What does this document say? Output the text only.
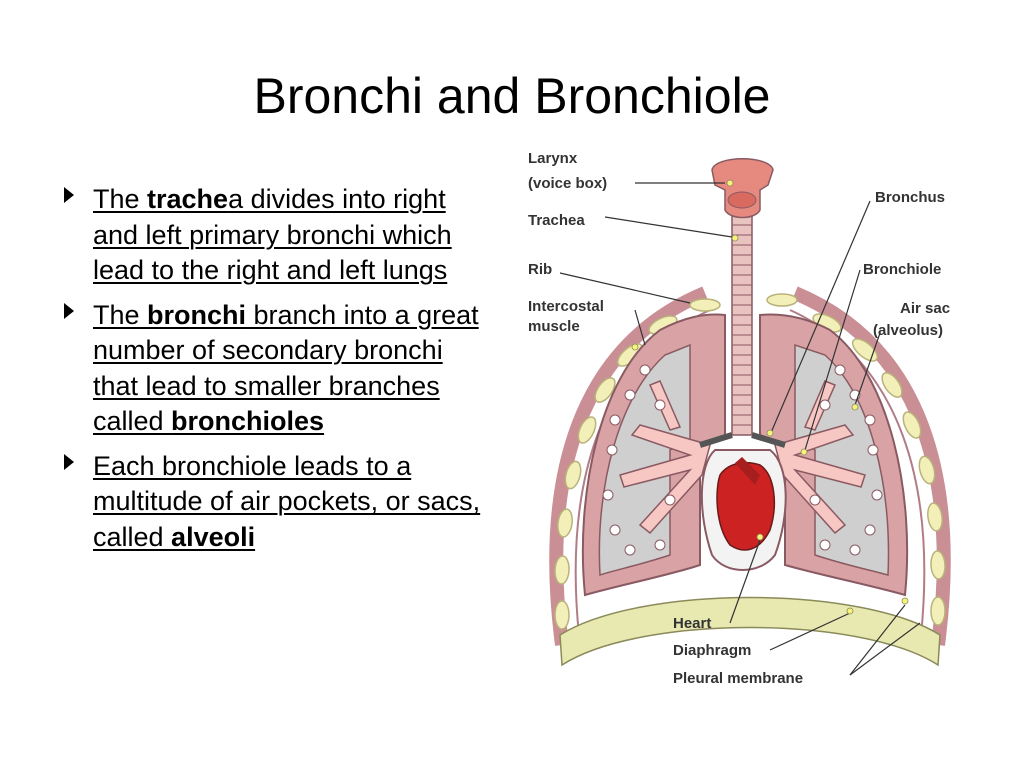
Bronchi and Bronchiole
The trachea divides into right and left primary bronchi which lead to the right and left lungs
The bronchi branch into a great number of secondary bronchi that lead to smaller branches called bronchioles
Each bronchiole leads to a multitude of air pockets, or sacs, called alveoli
Larynx
(voice box)
Trachea
Rib
Intercostal
muscle
Bronchus
Bronchiole
Air sac
(alveolus)
Heart
Diaphragm
Pleural membrane
